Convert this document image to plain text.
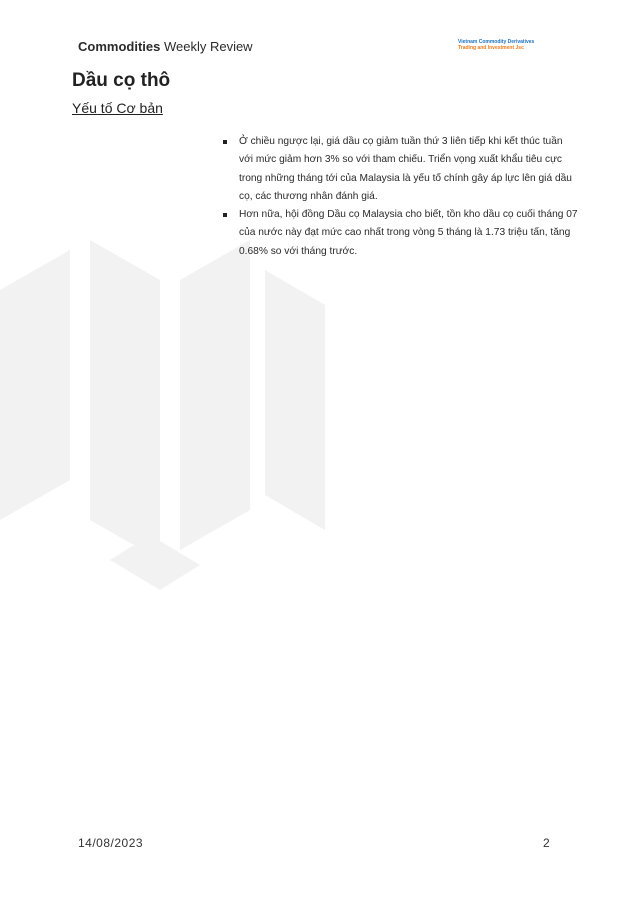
Commodities Weekly Review	Vietnam Commodity Derivatives
Trading and Investment Jsc
Dầu cọ thô
Yếu tố Cơ bản
Ở chiều ngược lại, giá dầu cọ giảm tuần thứ 3 liên tiếp khi kết thúc tuần với mức giảm hơn 3% so với tham chiếu. Triển vọng xuất khẩu tiêu cực trong những tháng tới của Malaysia là yếu tố chính gây áp lực lên giá dầu cọ, các thương nhân đánh giá.
Hơn nữa, hội đồng Dầu cọ Malaysia cho biết, tồn kho dầu cọ cuối tháng 07 của nước này đạt mức cao nhất trong vòng 5 tháng là 1.73 triệu tấn, tăng 0.68% so với tháng trước.
14/08/2023	2
